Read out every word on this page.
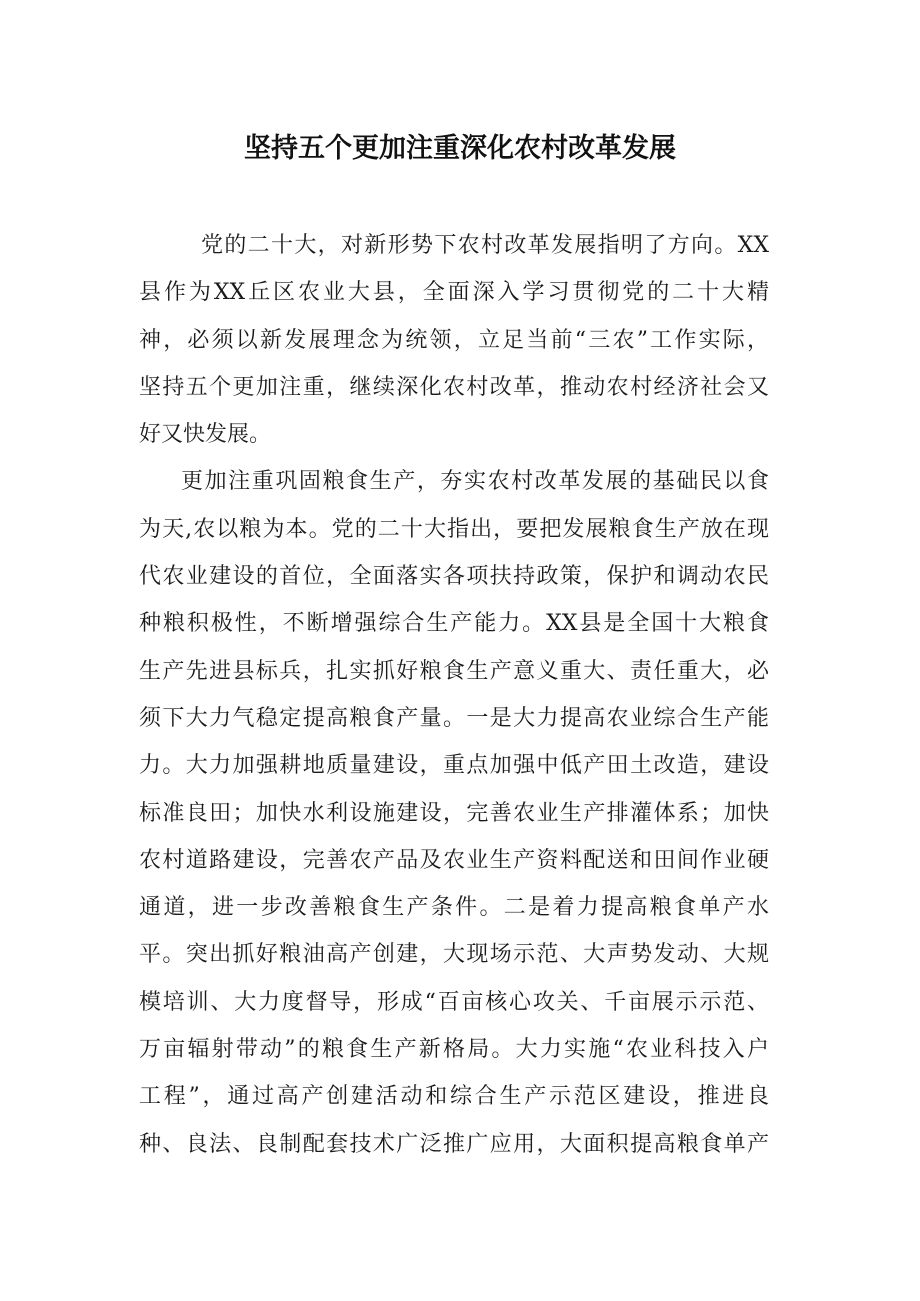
坚持五个更加注重深化农村改革发展
党的二十大，对新形势下农村改革发展指明了方向。XX
县作为XX丘区农业大县，全面深入学习贯彻党的二十大精
神，必须以新发展理念为统领，立足当前“三农”工作实际，
坚持五个更加注重，继续深化农村改革，推动农村经济社会又
好又快发展。
更加注重巩固粮食生产，夯实农村改革发展的基础民以食
为天,农以粮为本。党的二十大指出，要把发展粮食生产放在现
代农业建设的首位，全面落实各项扶持政策，保护和调动农民
种粮积极性，不断增强综合生产能力。XX县是全国十大粮食
生产先进县标兵，扎实抓好粮食生产意义重大、责任重大，必
须下大力气稳定提高粮食产量。一是大力提高农业综合生产能
力。大力加强耕地质量建设，重点加强中低产田土改造，建设
标准良田；加快水利设施建设，完善农业生产排灌体系；加快
农村道路建设，完善农产品及农业生产资料配送和田间作业硬
通道，进一步改善粮食生产条件。二是着力提高粮食单产水
平。突出抓好粮油高产创建，大现场示范、大声势发动、大规
模培训、大力度督导，形成“百亩核心攻关、千亩展示示范、
万亩辐射带动”的粮食生产新格局。大力实施“农业科技入户
工程”，通过高产创建活动和综合生产示范区建设，推进良
种、良法、良制配套技术广泛推广应用，大面积提高粮食单产
